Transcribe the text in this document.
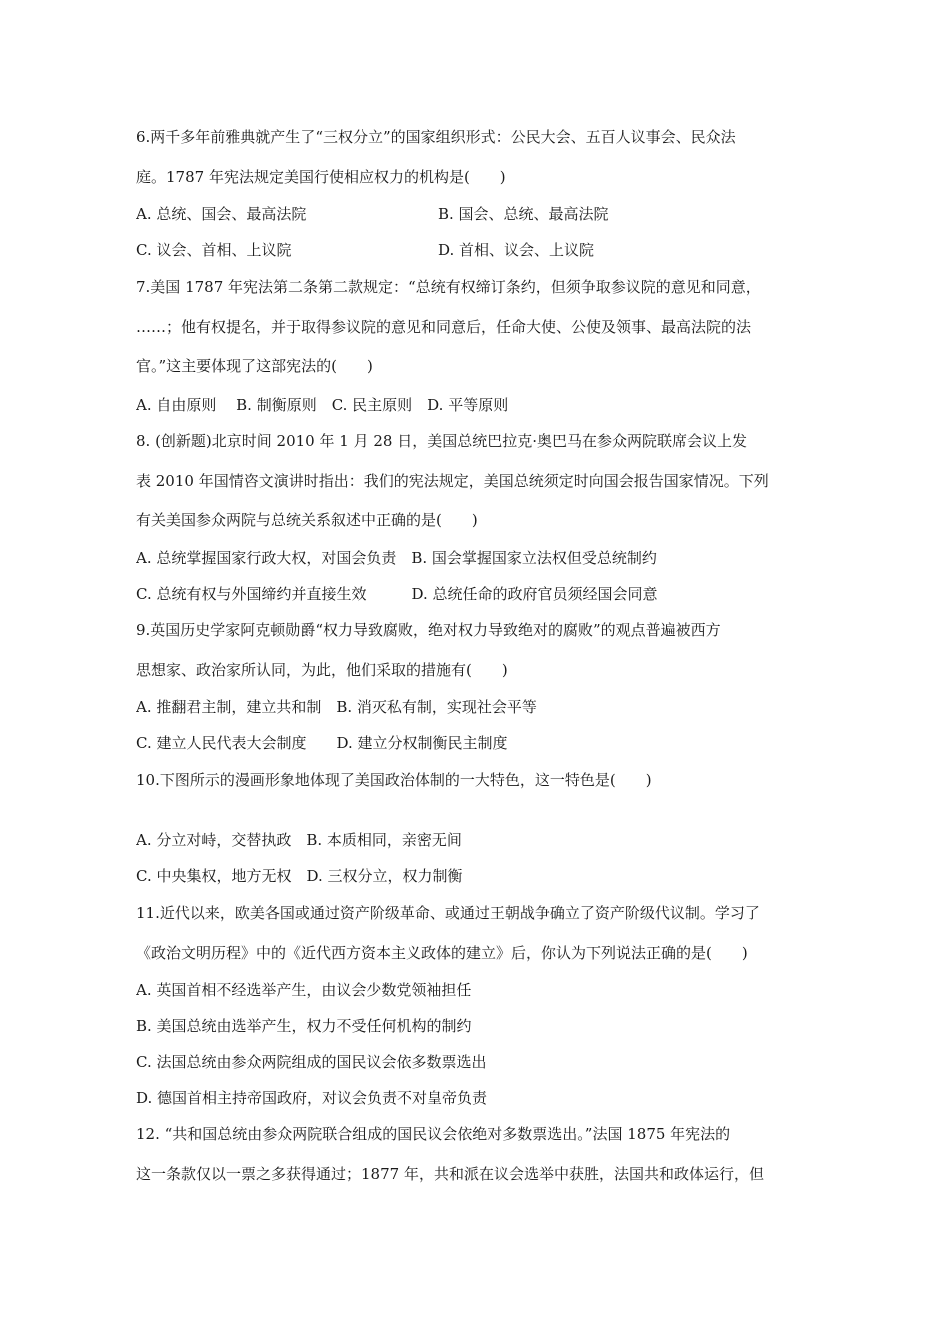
6.两千多年前雅典就产生了“三权分立”的国家组织形式：公民大会、五百人议事会、民众法
庭。1787 年宪法规定美国行使相应权力的机构是(　　)
A. 总统、国会、最高法院	B. 国会、总统、最高法院
C. 议会、首相、上议院	D. 首相、议会、上议院
7.美国 1787 年宪法第二条第二款规定：“总统有权缔订条约，但须争取参议院的意见和同意，
……；他有权提名，并于取得参议院的意见和同意后，任命大使、公使及领事、最高法院的法
官。”这主要体现了这部宪法的(　　)
A. 自由原则　 B. 制衡原则　C. 民主原则　D. 平等原则
8. (创新题)北京时间 2010 年 1 月 28 日，美国总统巴拉克·奥巴马在参众两院联席会议上发
表 2010 年国情咨文演讲时指出：我们的宪法规定，美国总统须定时向国会报告国家情况。下列
有关美国参众两院与总统关系叙述中正确的是(　　)
A. 总统掌握国家行政大权，对国会负责　B. 国会掌握国家立法权但受总统制约
C. 总统有权与外国缔约并直接生效　　　D. 总统任命的政府官员须经国会同意
9.英国历史学家阿克顿勋爵“权力导致腐败，绝对权力导致绝对的腐败”的观点普遍被西方
思想家、政治家所认同，为此，他们采取的措施有(　　)
A. 推翻君主制，建立共和制　B. 消灭私有制，实现社会平等
C. 建立人民代表大会制度　　D. 建立分权制衡民主制度
10.下图所示的漫画形象地体现了美国政治体制的一大特色，这一特色是(　　)
A. 分立对峙，交替执政　B. 本质相同，亲密无间
C. 中央集权，地方无权　D. 三权分立，权力制衡
11.近代以来，欧美各国或通过资产阶级革命、或通过王朝战争确立了资产阶级代议制。学习了
《政治文明历程》中的《近代西方资本主义政体的建立》后，你认为下列说法正确的是(　　)
A. 英国首相不经选举产生，由议会少数党领袖担任
B. 美国总统由选举产生，权力不受任何机构的制约
C. 法国总统由参众两院组成的国民议会依多数票选出
D. 德国首相主持帝国政府，对议会负责不对皇帝负责
12. “共和国总统由参众两院联合组成的国民议会依绝对多数票选出。”法国 1875 年宪法的
这一条款仅以一票之多获得通过；1877 年，共和派在议会选举中获胜，法国共和政体运行，但
